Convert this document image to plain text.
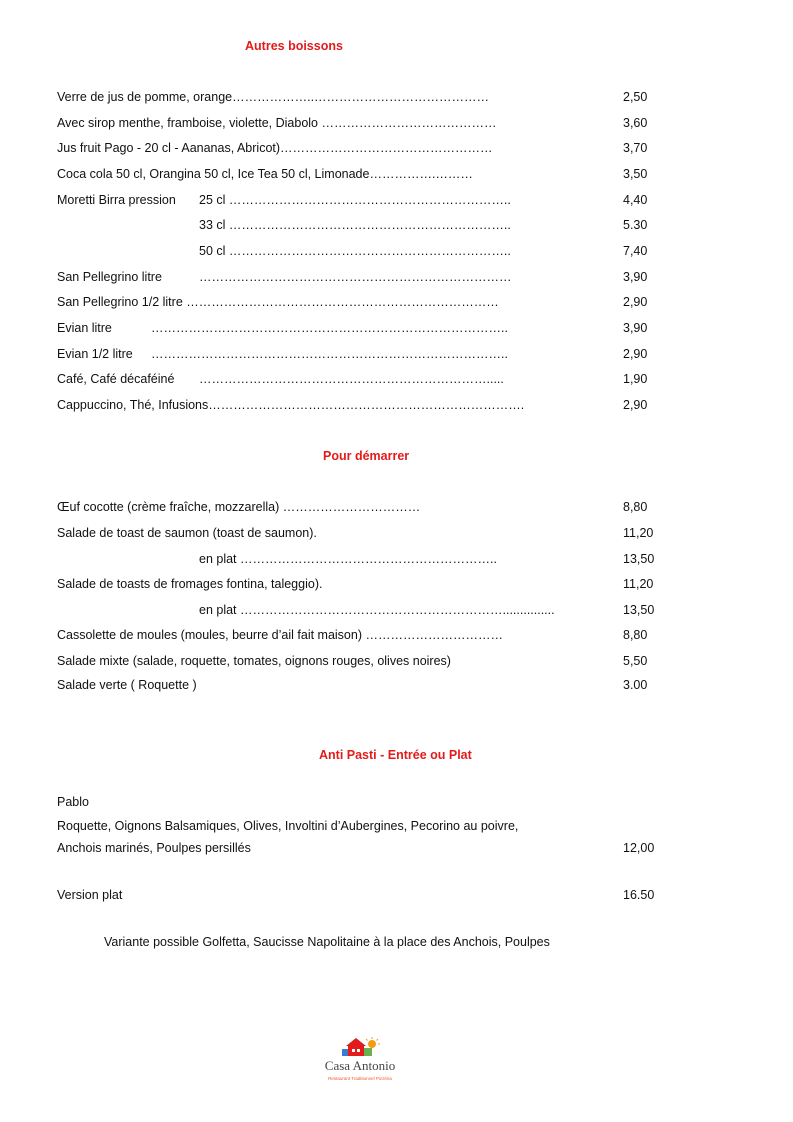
Autres boissons
Verre de jus de pomme, orange………………..……………………………………	2,50
Avec sirop menthe, framboise, violette, Diabolo ……………………………………	3,60
Jus fruit Pago - 20 cl - Aananas, Abricot)……………………………………………	3,70
Coca cola 50 cl, Orangina 50 cl, Ice Tea 50 cl, Limonade…………….………	3,50
Moretti Birra pression 25 cl …………………………………………………………..	4,40
33 cl …………………………………………………………..	5.30
50 cl …………………………………………………………..	7,40
San Pellegrino litre	…………………………………………………………………	3,90
San Pellegrino 1/2 litre …………………………………………………………………	2,90
Evian litre	…………………………………………………………………………..	3,90
Evian 1/2 litre …………………………………………………………………………..	2,90
Café, Café décaféiné …………………………………………………………….....	1,90
Cappuccino, Thé, Infusions………………………………………………………………….	2,90
Pour démarrer
Œuf cocotte (crème fraîche, mozzarella) ……………………………	8,80
Salade de toast de saumon (toast de saumon).	11,20
en plat ……………………………………………………..	13,50
Salade de toasts de fromages fontina, taleggio).	11,20
en plat ………………………………………………………...............	13,50
Cassolette de moules (moules, beurre d’ail fait maison) ……………………………	8,80
Salade mixte (salade, roquette, tomates, oignons rouges, olives noires)	5,50
Salade verte ( Roquette )	3.00
Anti Pasti - Entrée ou Plat
Pablo
Roquette, Oignons Balsamiques, Olives, Involtini d’Aubergines, Pecorino au poivre,
Anchois marinés, Poulpes persillés	12,00
Version plat	16.50
Variante possible Golfetta, Saucisse Napolitaine à la place des Anchois, Poulpes
Casa Antonio
Restaurant Traditionnel Pizzéria
